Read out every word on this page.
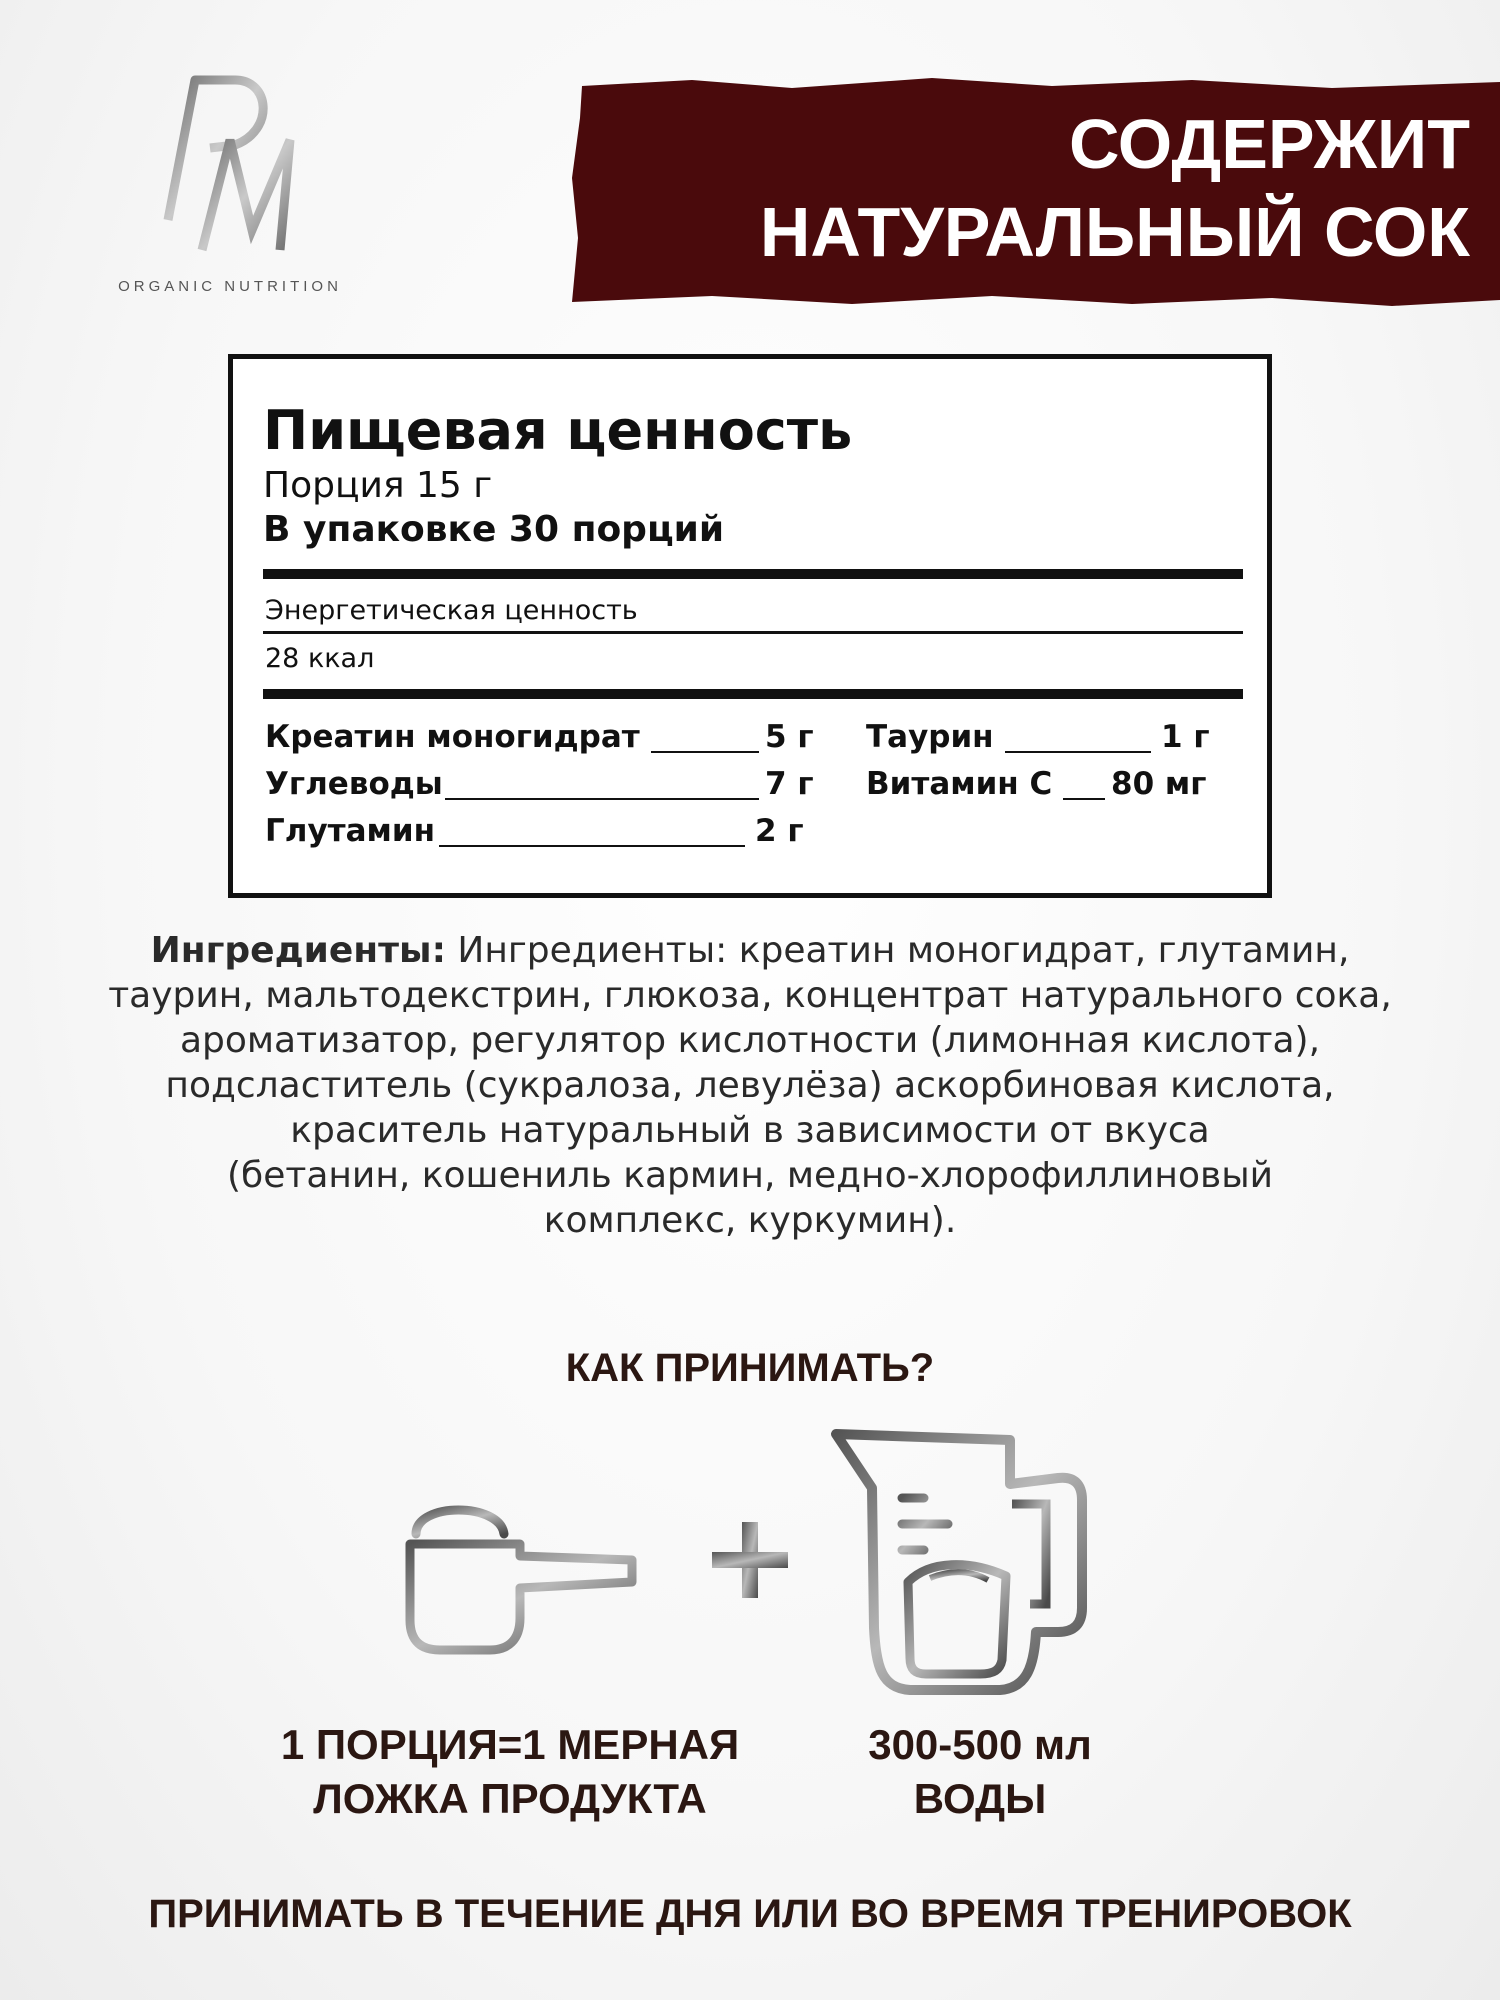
ORGANIC NUTRITION
СОДЕРЖИТ
НАТУРАЛЬНЫЙ СОК
Пищевая ценность
Порция 15 г
В упаковке 30 порций
Энергетическая ценность
28 ккал
Креатин моногидрат	5 г
Углеводы	7 г
Глутамин	2 г
Таурин	1 г
Витамин С 80 мг
Ингредиенты: Ингредиенты: креатин моногидрат, глутамин,
таурин, мальтодекстрин, глюкоза, концентрат натурального сока,
ароматизатор, регулятор кислотности (лимонная кислота),
подсластитель (сукралоза, левулёза) аскорбиновая кислота,
краситель натуральный в зависимости от вкуса
(бетанин, кошениль кармин, медно-хлорофиллиновый
комплекс, куркумин).
КАК ПРИНИМАТЬ?
1 ПОРЦИЯ=1 МЕРНАЯ
ЛОЖКА ПРОДУКТА
300-500 мл
ВОДЫ
ПРИНИМАТЬ В ТЕЧЕНИЕ ДНЯ ИЛИ ВО ВРЕМЯ ТРЕНИРОВОК
